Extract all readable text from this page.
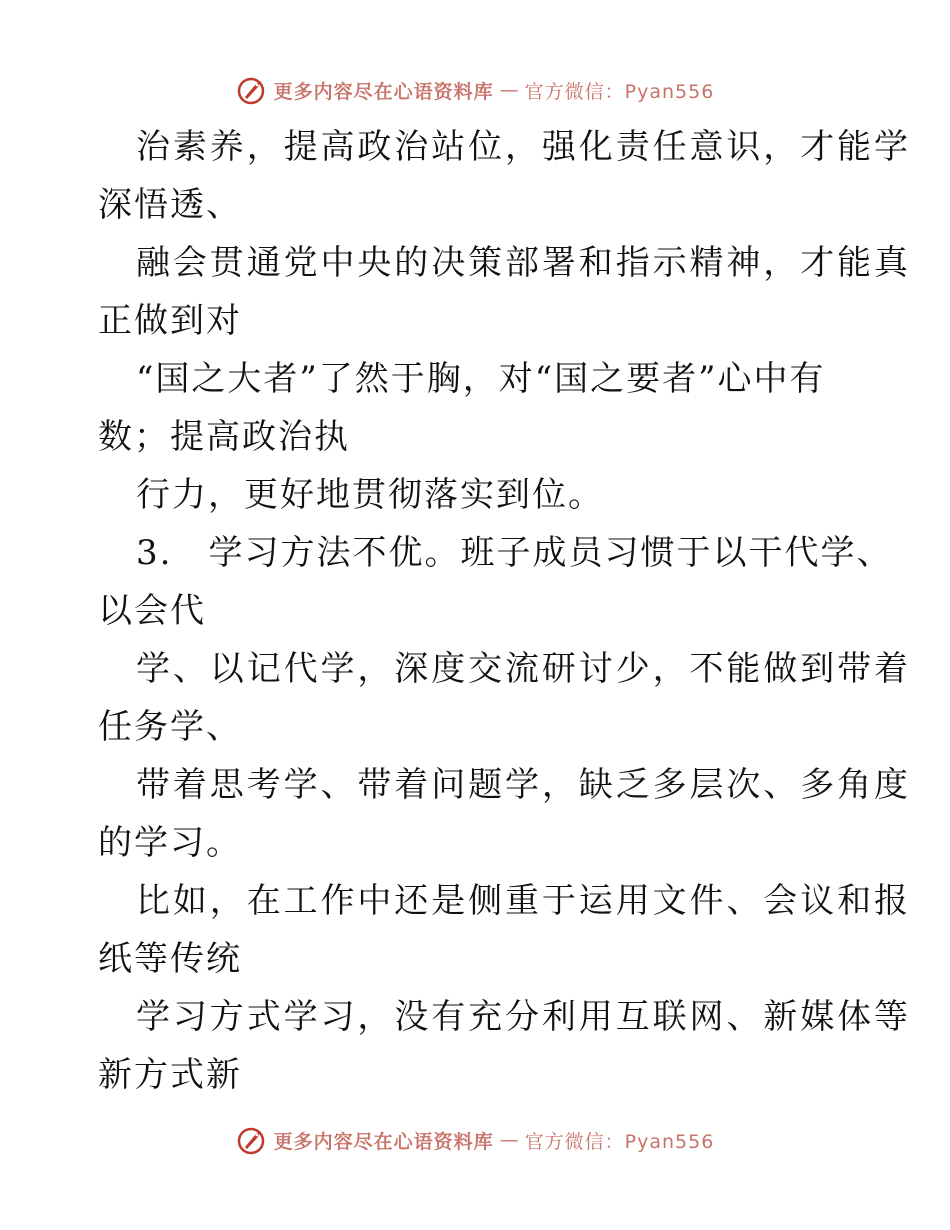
更多内容尽在心语资料库 — 官方微信：Pyan556
治素养，提高政治站位，强化责任意识，才能学
深悟透、
融会贯通党中央的决策部署和指示精神，才能真
正做到对
“国之大者”了然于胸，对“国之要者”心中有
数；提高政治执
行力，更好地贯彻落实到位。
3.　学习方法不优。班子成员习惯于以干代学、
以会代
学、以记代学，深度交流研讨少，不能做到带着
任务学、
带着思考学、带着问题学，缺乏多层次、多角度
的学习。
比如，在工作中还是侧重于运用文件、会议和报
纸等传统
学习方式学习，没有充分利用互联网、新媒体等
新方式新
更多内容尽在心语资料库 — 官方微信：Pyan556
